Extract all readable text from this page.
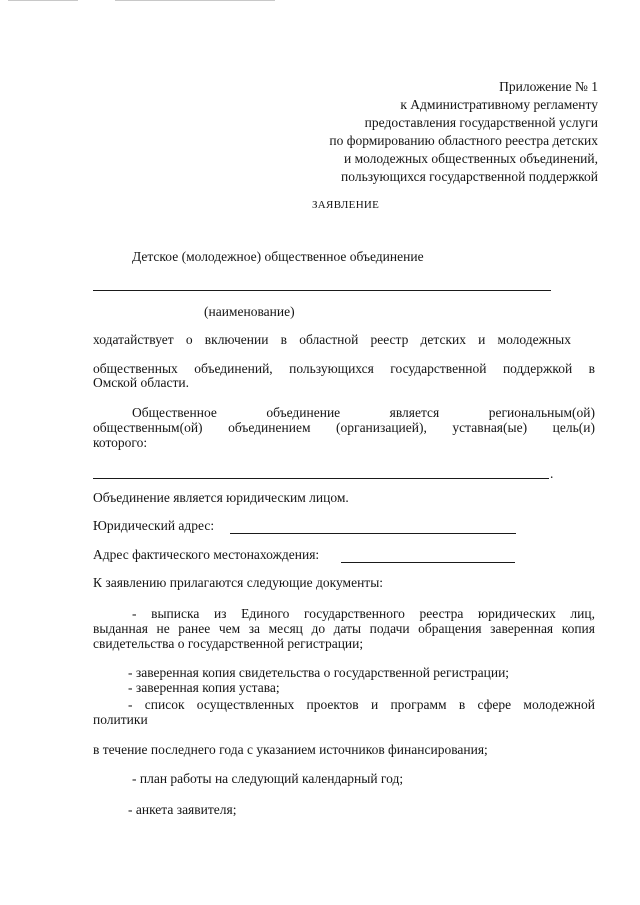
Приложение № 1
к Административному регламенту
предоставления государственной услуги
по формированию областного реестра детских
и молодежных общественных объединений,
пользующихся государственной поддержкой
ЗАЯВЛЕНИЕ
Детское (молодежное) общественное объединение
(наименование)
ходатайствует о включении в областной реестр детских и молодежных
общественных объединений, пользующихся государственной поддержкой в
Омской области.
Общественное	объединение	является	региональным(ой)
общественным(ой) объединением (организацией), уставная(ые) цель(и)
которого:
.
Объединение является юридическим лицом.
Юридический адрес:
Адрес фактического местонахождения:
К заявлению прилагаются следующие документы:
- выписка из Единого государственного реестра юридических лиц,
выданная не ранее чем за месяц до даты подачи обращения заверенная копия
свидетельства о государственной регистрации;
- заверенная копия свидетельства о государственной регистрации;
- заверенная копия устава;
- список осуществленных проектов и программ в сфере молодежной
политики
в течение последнего года с указанием источников финансирования;
- план работы на следующий календарный год;
- анкета заявителя;
